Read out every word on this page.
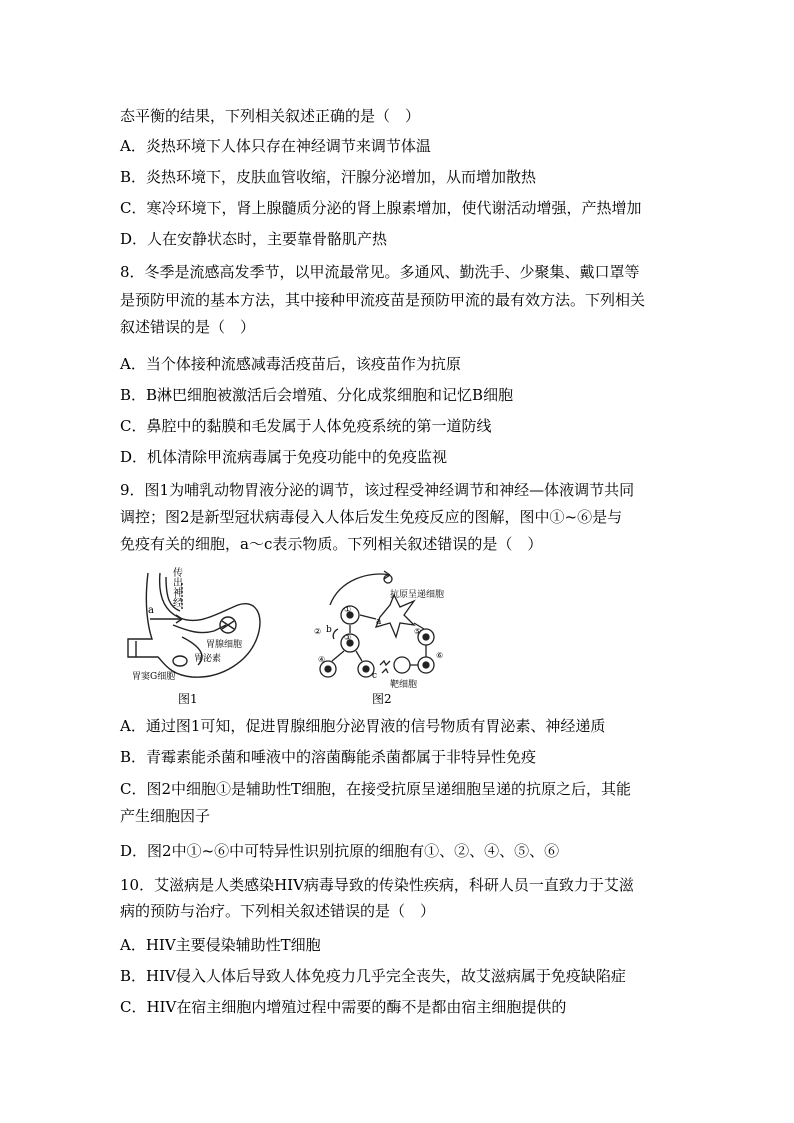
态平衡的结果，下列相关叙述正确的是（　）
A．炎热环境下人体只存在神经调节来调节体温
B．炎热环境下，皮肤血管收缩，汗腺分泌增加，从而增加散热
C．寒冷环境下，肾上腺髓质分泌的肾上腺素增加，使代谢活动增强，产热增加
D．人在安静状态时，主要靠骨骼肌产热
8．冬季是流感高发季节，以甲流最常见。多通风、勤洗手、少聚集、戴口罩等
是预防甲流的基本方法，其中接种甲流疫苗是预防甲流的最有效方法。下列相关
叙述错误的是（　）
A．当个体接种流感减毒活疫苗后，该疫苗作为抗原
B．B淋巴细胞被激活后会增殖、分化成浆细胞和记忆B细胞
C．鼻腔中的黏膜和毛发属于人体免疫系统的第一道防线
D．机体清除甲流病毒属于免疫功能中的免疫监视
9．图1为哺乳动物胃液分泌的调节，该过程受神经调节和神经—体液调节共同
调控；图2是新型冠状病毒侵入人体后发生免疫反应的图解，图中①~⑥是与
免疫有关的细胞，a～c表示物质。下列相关叙述错误的是（　）
传出神经
a
胃腺细胞
胃泌素
胃窦G细胞
图1
抗原呈递细胞
靶细胞
a
b
c
①
②
③
④
⑤
⑥
图2
A．通过图1可知，促进胃腺细胞分泌胃液的信号物质有胃泌素、神经递质
B．青霉素能杀菌和唾液中的溶菌酶能杀菌都属于非特异性免疫
C．图2中细胞①是辅助性T细胞，在接受抗原呈递细胞呈递的抗原之后，其能
产生细胞因子
D．图2中①~⑥中可特异性识别抗原的细胞有①、②、④、⑤、⑥
10．艾滋病是人类感染HIV病毒导致的传染性疾病，科研人员一直致力于艾滋
病的预防与治疗。下列相关叙述错误的是（　）
A．HIV主要侵染辅助性T细胞
B．HIV侵入人体后导致人体免疫力几乎完全丧失，故艾滋病属于免疫缺陷症
C．HIV在宿主细胞内增殖过程中需要的酶不是都由宿主细胞提供的
